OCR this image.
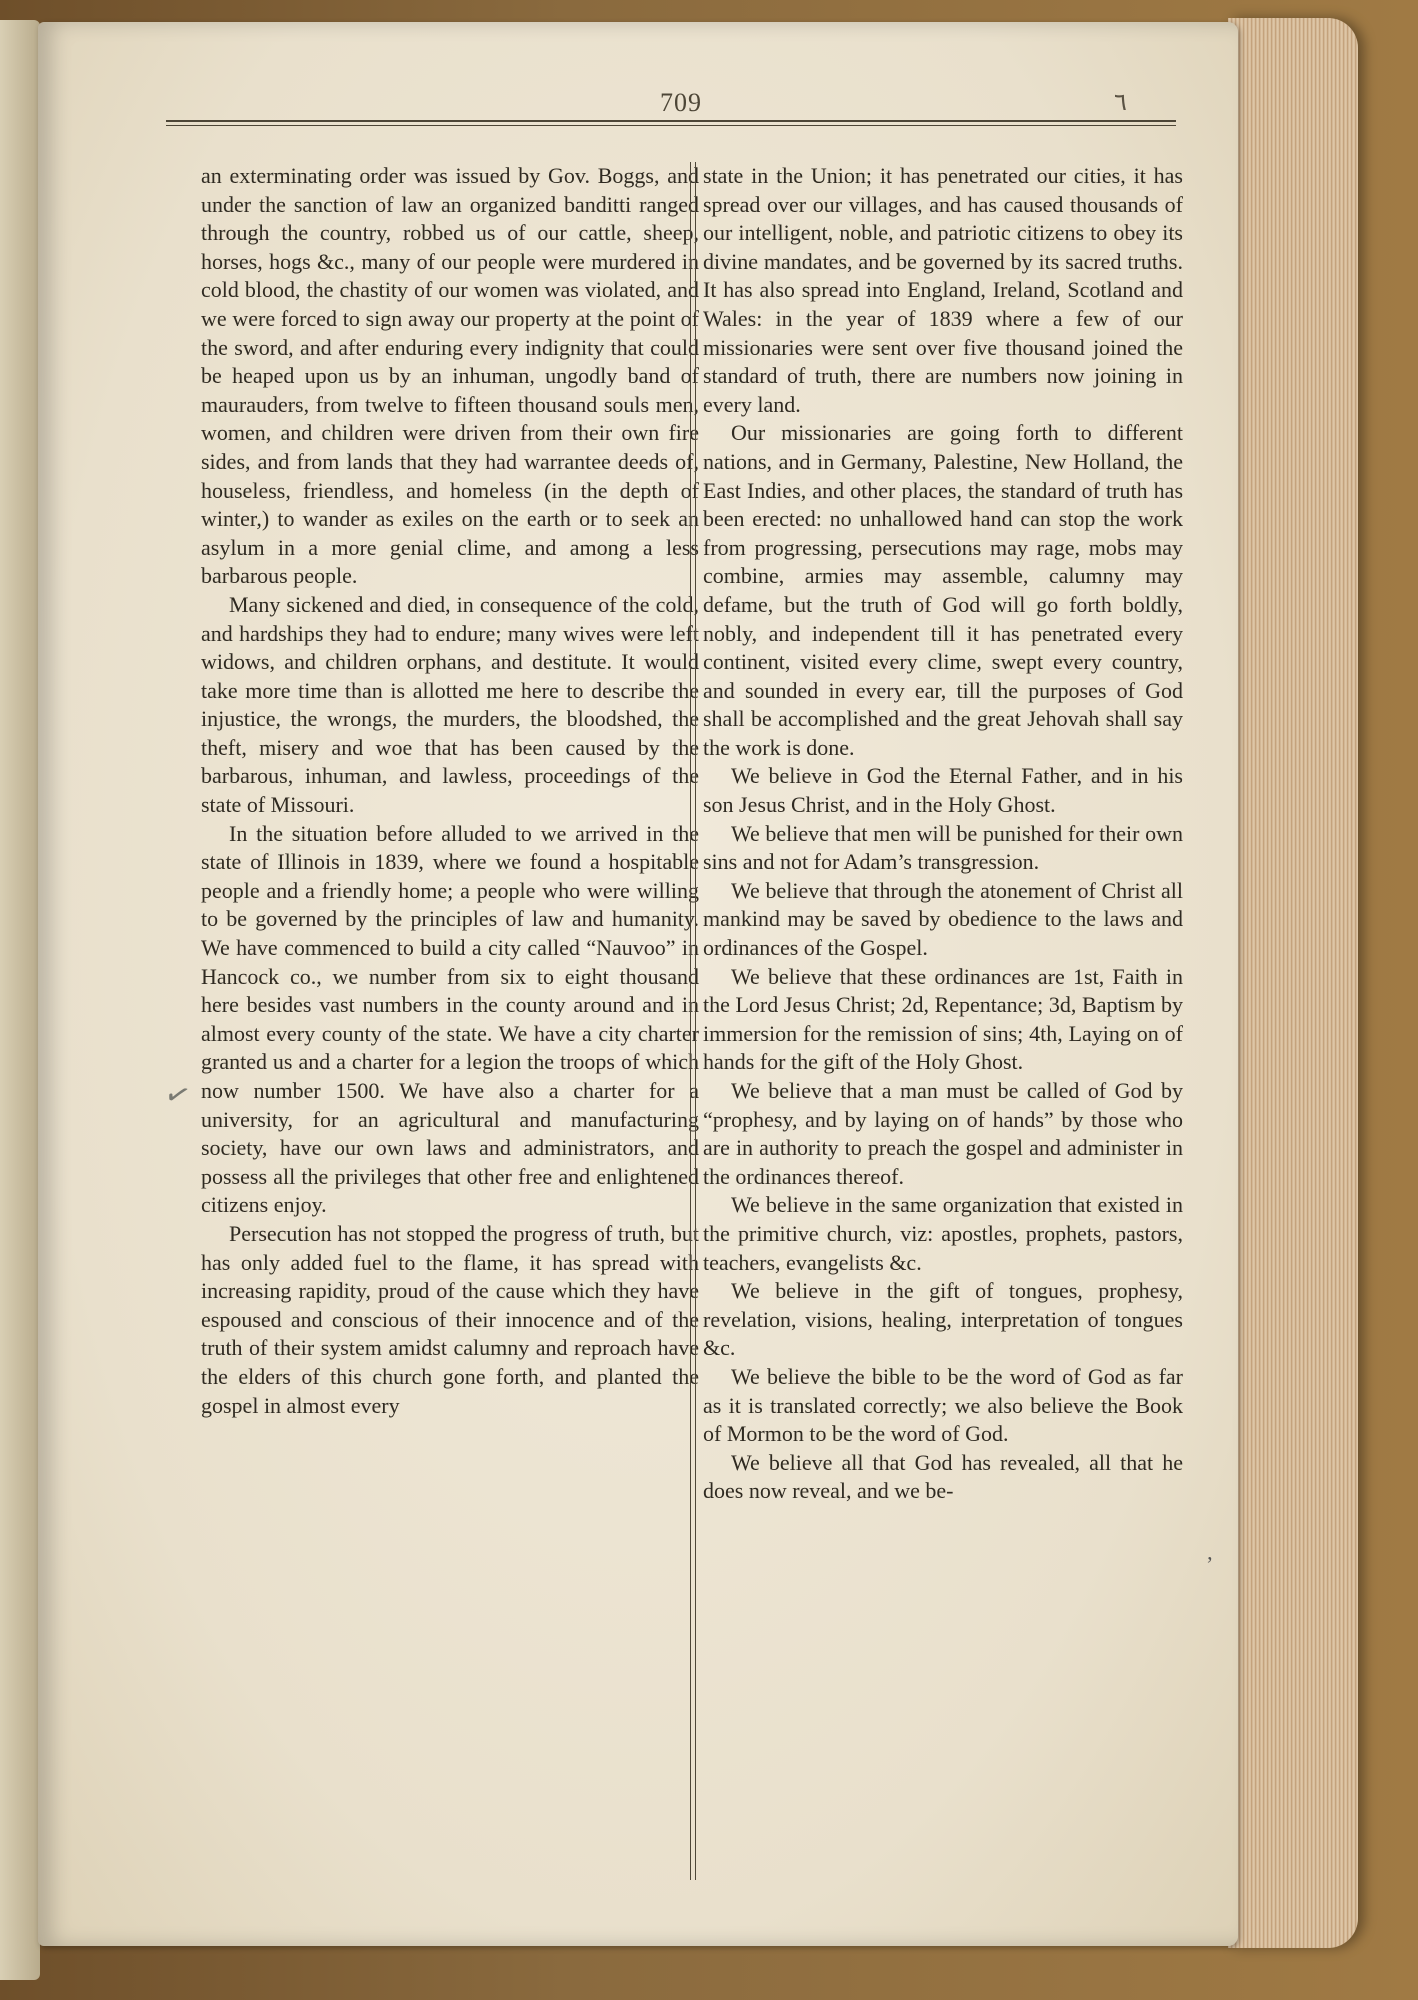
709	٦
✓
ʼ

an exterminating order was issued by Gov. Boggs, and under the sanction of law an organized banditti ranged through the country, robbed us of our cattle, sheep, horses, hogs &c., many of our people were murdered in cold blood, the chastity of our women was violated, and we were forced to sign away our property at the point of the sword, and after enduring every indignity that could be heaped upon us by an inhuman, ungodly band of maurauders, from twelve to fifteen thousand souls men, women, and children were driven from their own fire sides, and from lands that they had warrantee deeds of, houseless, friendless, and homeless (in the depth of winter,) to wander as exiles on the earth or to seek an asylum in a more genial clime, and among a less barbarous people.

Many sickened and died, in consequence of the cold, and hardships they had to endure; many wives were left widows, and children orphans, and destitute. It would take more time than is allotted me here to describe the injustice, the wrongs, the murders, the bloodshed, the theft, misery and woe that has been caused by the barbarous, inhuman, and lawless, proceedings of the state of Missouri.

In the situation before alluded to we arrived in the state of Illinois in 1839, where we found a hospitable people and a friendly home; a people who were willing to be governed by the principles of law and humanity. We have commenced to build a city called “Nauvoo” in Hancock co., we number from six to eight thousand here besides vast numbers in the county around and in almost every county of the state. We have a city charter granted us and a charter for a legion the troops of which now number 1500. We have also a charter for a university, for an agricultural and manufacturing society, have our own laws and administrators, and possess all the privileges that other free and enlightened citizens enjoy.

Persecution has not stopped the progress of truth, but has only added fuel to the flame, it has spread with increasing rapidity, proud of the cause which they have espoused and conscious of their innocence and of the truth of their system amidst calumny and reproach have the elders of this church gone forth, and planted the gospel in almost every

state in the Union; it has penetrated our cities, it has spread over our villages, and has caused thousands of our intelligent, noble, and patriotic citizens to obey its divine mandates, and be governed by its sacred truths. It has also spread into England, Ireland, Scotland and Wales: in the year of 1839 where a few of our missionaries were sent over five thousand joined the standard of truth, there are numbers now joining in every land.

Our missionaries are going forth to different nations, and in Germany, Palestine, New Holland, the East Indies, and other places, the standard of truth has been erected: no unhallowed hand can stop the work from progressing, persecutions may rage, mobs may combine, armies may assemble, calumny may defame, but the truth of God will go forth boldly, nobly, and independent till it has penetrated every continent, visited every clime, swept every country, and sounded in every ear, till the purposes of God shall be accomplished and the great Jehovah shall say the work is done.

We believe in God the Eternal Father, and in his son Jesus Christ, and in the Holy Ghost.

We believe that men will be punished for their own sins and not for Adam’s transgression.

We believe that through the atonement of Christ all mankind may be saved by obedience to the laws and ordinances of the Gospel.

We believe that these ordinances are 1st, Faith in the Lord Jesus Christ; 2d, Repentance; 3d, Baptism by immersion for the remission of sins; 4th, Laying on of hands for the gift of the Holy Ghost.

We believe that a man must be called of God by “prophesy, and by laying on of hands” by those who are in authority to preach the gospel and administer in the ordinances thereof.

We believe in the same organization that existed in the primitive church, viz: apostles, prophets, pastors, teachers, evangelists &c.

We believe in the gift of tongues, prophesy, revelation, visions, healing, interpretation of tongues &c.

We believe the bible to be the word of God as far as it is translated correctly; we also believe the Book of Mormon to be the word of God.

We believe all that God has revealed, all that he does now reveal, and we be-
